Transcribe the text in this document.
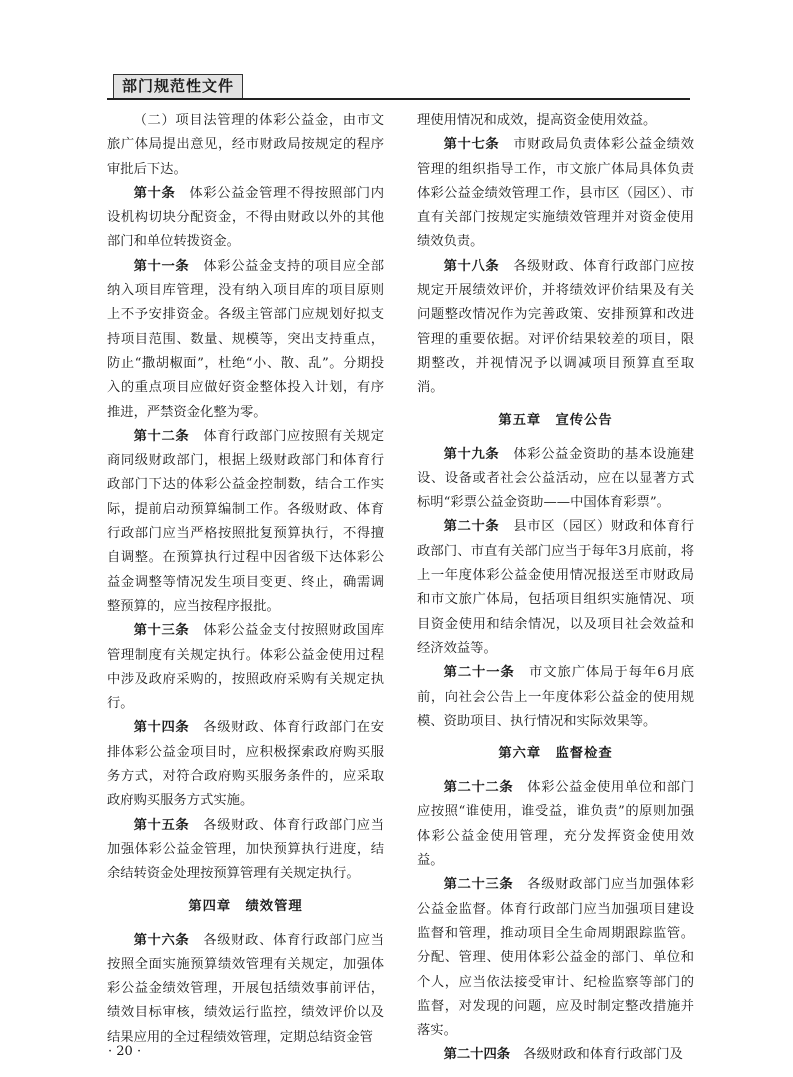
部门规范性文件

（二）项目法管理的体彩公益金，由市文旅广体局提出意见，经市财政局按规定的程序审批后下达。

第十条　 体彩公益金管理不得按照部门内设机构切块分配资金，不得由财政以外的其他部门和单位转拨资金。

第十一条　 体彩公益金支持的项目应全部纳入项目库管理，没有纳入项目库的项目原则上不予安排资金。各级主管部门应规划好拟支持项目范围、数量、规模等，突出支持重点，防止“撒胡椒面”，杜绝“小、散、乱”。分期投入的重点项目应做好资金整体投入计划，有序推进，严禁资金化整为零。

第十二条　 体育行政部门应按照有关规定商同级财政部门，根据上级财政部门和体育行政部门下达的体彩公益金控制数，结合工作实际，提前启动预算编制工作。各级财政、体育行政部门应当严格按照批复预算执行，不得擅自调整。在预算执行过程中因省级下达体彩公益金调整等情况发生项目变更、终止，确需调整预算的，应当按程序报批。

第十三条　 体彩公益金支付按照财政国库管理制度有关规定执行。体彩公益金使用过程中涉及政府采购的，按照政府采购有关规定执行。

第十四条　 各级财政、体育行政部门在安排体彩公益金项目时，应积极探索政府购买服务方式，对符合政府购买服务条件的，应采取政府购买服务方式实施。

第十五条　 各级财政、体育行政部门应当加强体彩公益金管理，加快预算执行进度，结余结转资金处理按预算管理有关规定执行。

第四章　绩效管理

第十六条　 各级财政、体育行政部门应当按照全面实施预算绩效管理有关规定，加强体彩公益金绩效管理，开展包括绩效事前评估，绩效目标审核，绩效运行监控，绩效评价以及结果应用的全过程绩效管理，定期总结资金管

理使用情况和成效，提高资金使用效益。

第十七条　 市财政局负责体彩公益金绩效管理的组织指导工作，市文旅广体局具体负责体彩公益金绩效管理工作，县市区（园区）、市直有关部门按规定实施绩效管理并对资金使用绩效负责。

第十八条　 各级财政、体育行政部门应按规定开展绩效评价，并将绩效评价结果及有关问题整改情况作为完善政策、安排预算和改进管理的重要依据。对评价结果较差的项目，限期整改，并视情况予以调减项目预算直至取消。

第五章　宣传公告

第十九条　 体彩公益金资助的基本设施建设、设备或者社会公益活动，应在以显著方式标明“彩票公益金资助——中国体育彩票”。

第二十条　 县市区（园区）财政和体育行政部门、市直有关部门应当于每年3月底前，将上一年度体彩公益金使用情况报送至市财政局和市文旅广体局，包括项目组织实施情况、项目资金使用和结余情况，以及项目社会效益和经济效益等。

第二十一条　 市文旅广体局于每年6月底前，向社会公告上一年度体彩公益金的使用规模、资助项目、执行情况和实际效果等。

第六章　监督检查

第二十二条　 体彩公益金使用单位和部门应按照“谁使用，谁受益，谁负责”的原则加强体彩公益金使用管理，充分发挥资金使用效益。

第二十三条　 各级财政部门应当加强体彩公益金监督。体育行政部门应当加强项目建设监督和管理，推动项目全生命周期跟踪监管。分配、管理、使用体彩公益金的部门、单位和个人，应当依法接受审计、纪检监察等部门的监督，对发现的问题，应及时制定整改措施并落实。

第二十四条　 各级财政和体育行政部门及

· 20 ·
